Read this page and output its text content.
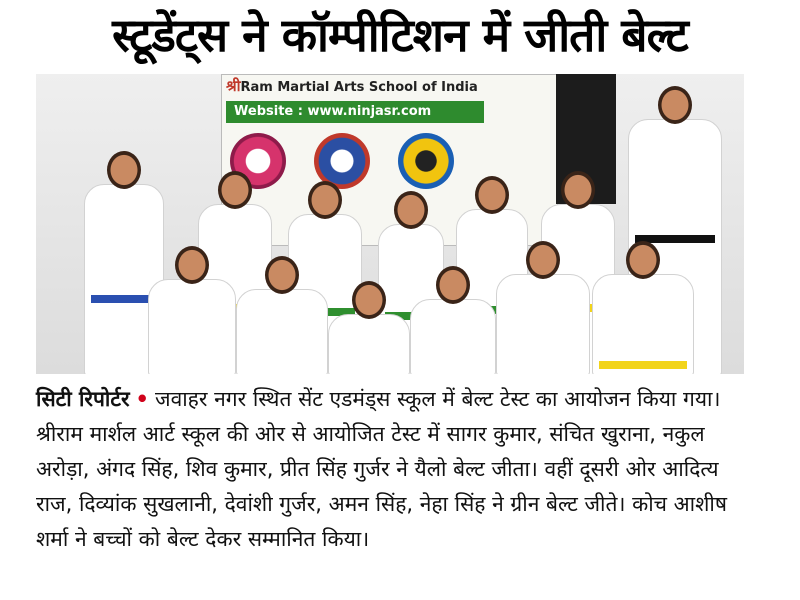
स्टूडेंट्स ने कॉम्पीटिशन में जीती बेल्ट
श्रीRam Martial Arts School of India
Website : www.ninjasr.com
सिटी रिपोर्टर • जवाहर नगर स्थित सेंट एडमंड्स स्कूल में बेल्ट टेस्ट का आयोजन किया गया। श्रीराम मार्शल आर्ट स्कूल की ओर से आयोजित टेस्ट में सागर कुमार, संचित खुराना, नकुल अरोड़ा, अंगद सिंह, शिव कुमार, प्रीत सिंह गुर्जर ने यैलो बेल्ट जीता। वहीं दूसरी ओर आदित्य राज, दिव्यांक सुखलानी, देवांशी गुर्जर, अमन सिंह, नेहा सिंह ने ग्रीन बेल्ट जीते। कोच आशीष शर्मा ने बच्चों को बेल्ट देकर सम्मानित किया।
